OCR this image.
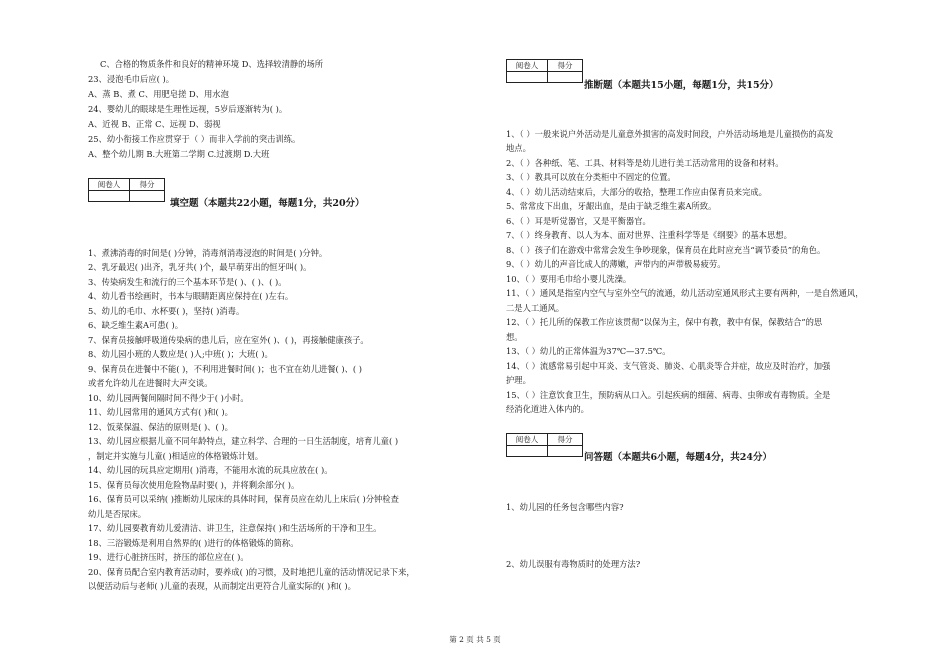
C、合格的物质条件和良好的精神环境 D、选择较清静的场所
23、浸泡毛巾后应( )。
A、蒸 B、煮 C、用肥皂搓 D、用水泡
24、婴幼儿的眼球是生理性远视，5岁后逐渐转为( )。
A、近视 B、正常 C、远视 D、弱视
25、幼小衔接工作应贯穿于（ ）而非入学前的突击训练。
A、整个幼儿期 B.大班第二学期 C.过渡期 D.大班
阅卷人	得分

填空题（本题共22小题，每题1分，共20分）
1、煮沸消毒的时间是( )分钟，消毒剂消毒浸泡的时间是( )分钟。
2、乳牙最迟( )出齐，乳牙共( )个，最早萌芽出的恒牙叫( )。
3、传染病发生和流行的三个基本环节是( )、( )、( )。
4、幼儿看书绘画时，书本与眼睛距离应保持在( )左右。
5、幼儿的毛巾、水杯要( )，坚持( )消毒。
6、缺乏维生素A可患( )。
7、保育员接触呼吸道传染病的患儿后，应在室外( )、( )，再接触健康孩子。
8、幼儿园小班的人数应是( )人;中班( )；大班( )。
9、保育员在进餐中不能( )，不利用进餐时间( )；也不宜在幼儿进餐( )、( )
或者允许幼儿在进餐时大声交谈。
10、幼儿园两餐间隔时间不得少于( )小时。
11、幼儿园常用的通风方式有( )和( )。
12、饭菜保温、保洁的原则是( )、( )。
13、幼儿园应根据儿童不同年龄特点，建立科学、合理的一日生活制度，培育儿童( )
，制定并实施与儿童( )相适应的体格锻炼计划。
14、幼儿园的玩具应定期用( )消毒，不能用水流的玩具应放在( )。
15、保育员每次使用危险物品时要( )，并将剩余部分( )。
16、保育员可以采纳( )推断幼儿尿床的具体时间，保育员应在幼儿上床后( )分钟检查
幼儿是否尿床。
17、幼儿园要教育幼儿爱清洁、讲卫生，注意保持( )和生活场所的干净和卫生。
18、三浴锻炼是利用自然界的( )进行的体格锻炼的简称。
19、进行心脏挤压时，挤压的部位应在( )。
20、保育员配合室内教育活动时，要养成( )的习惯，及时地把儿童的活动情况记录下来，
以便活动后与老师( )儿童的表现，从而制定出更符合儿童实际的( )和( )。
阅卷人	得分

推断题（本题共15小题，每题1分，共15分）
1、（ ）一般来说户外活动是儿童意外损害的高发时间段，户外活动场地是儿童损伤的高发
地点。
2、（ ）各种纸、笔、工具、材料等是幼儿进行美工活动常用的设备和材料。
3、（ ）教具可以放在分类柜中不固定的位置。
4、（ ）幼儿活动结束后，大部分的收拾，整理工作应由保育员来完成。
5、常常皮下出血，牙龈出血，是由于缺乏维生素A所致。
6、（ ）耳是听觉器官，又是平衡器官。
7、（ ）终身教育、以人为本、面对世界、注重科学等是《纲要》的基本思想。
8、（ ）孩子们在游戏中常常会发生争吵现象，保育员在此时应充当“调节委员”的角色。
9、（ ）幼儿的声音比成人的薄嫩，声带内的声带极易疲劳。
10、（ ）要用毛巾给小婴儿洗澡。
11、（ ）通风是指室内空气与室外空气的流通，幼儿活动室通风形式主要有两种，一是自然通风，
二是人工通风。
12、（ ）托儿所的保教工作应该贯彻“以保为主，保中有教，教中有保，保教结合”的思
想。
13、（ ）幼儿的正常体温为37℃—37.5℃。
14、（ ）流感常易引起中耳炎、支气管炎、肺炎、心肌炎等合并症，故应及时治疗，加强
护理。
15、（ ）注意饮食卫生，预防病从口入。引起疾病的细菌、病毒、虫卵或有毒物质。全是
经消化道进入体内的。
阅卷人	得分

问答题（本题共6小题，每题4分，共24分）
1、幼儿园的任务包含哪些内容?
2、幼儿误服有毒物质时的处理方法?
第 2 页 共 5 页
